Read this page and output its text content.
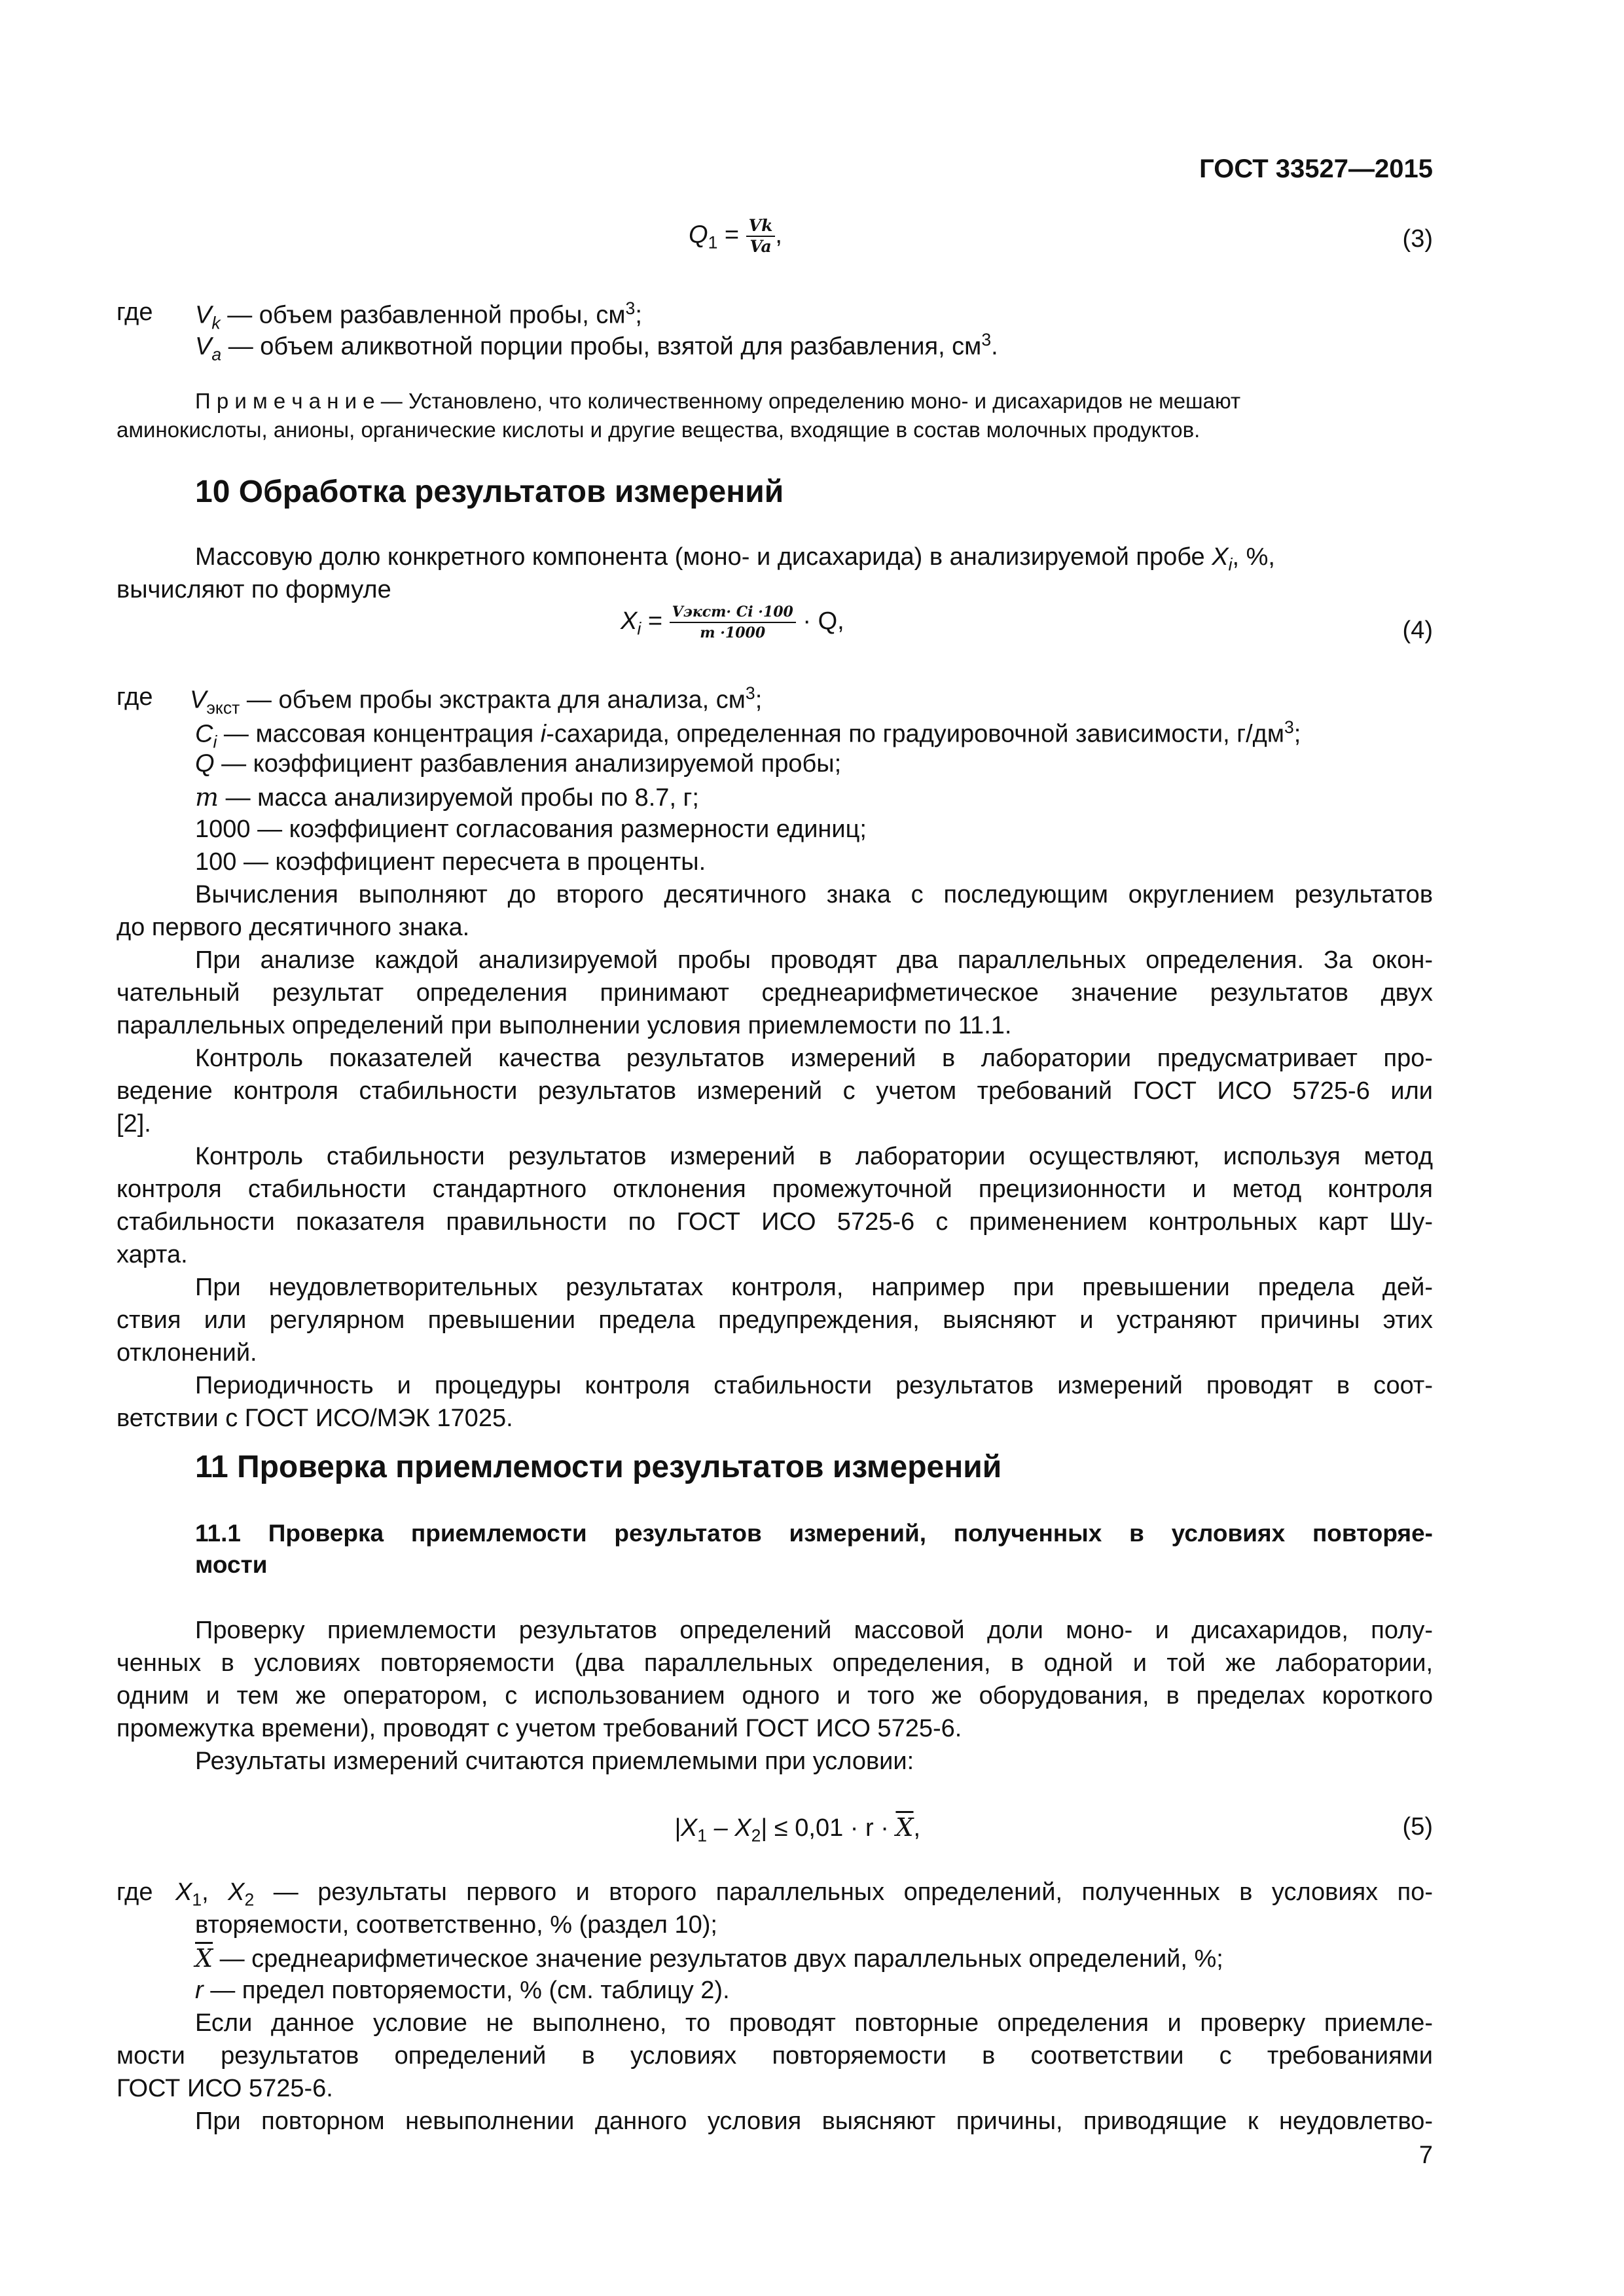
ГОСТ 33527—2015
$Q_1 = \frac{Vk}{Va}$ ,	(3)
где $V_k$ — объем разбавленной пробы, $см^3$;
$V_a$ — объем аликвотной порции пробы, взятой для разбавления, $см^3$.
П р и м е ч а н и е — Установлено, что количественному определению моно- и дисахаридов не мешают
аминокислоты, анионы, органические кислоты и другие вещества, входящие в состав молочных продуктов.
10 Обработка результатов измерений
Массовую долю конкретного компонента (моно- и дисахарида) в анализируемой пробе $X_i$, %,
вычисляют по формуле
$X_i = \frac{\text{Vэкст· Ci ·100}}{m \cdot 1000} \cdot Q$,	(4)
где $V_{экст}$ — объем пробы экстракта для анализа, $см^3$;
$C_i$ — массовая концентрация i-сахарида, определенная по градуировочной зависимости, $г/дм^3$;
Q — коэффициент разбавления анализируемой пробы;
m — масса анализируемой пробы по 8.7, г;
1000 — коэффициент согласования размерности единиц;
100 — коэффициент пересчета в проценты.
Вычисления выполняют до второго десятичного знака с последующим округлением результатов
до первого десятичного знака.
При анализе каждой анализируемой пробы проводят два параллельных определения. За окон-
чательный результат определения принимают среднеарифметическое значение результатов двух
параллельных определений при выполнении условия приемлемости по 11.1.
Контроль показателей качества результатов измерений в лаборатории предусматривает про-
ведение контроля стабильности результатов измерений с учетом требований ГОСТ ИСО 5725-6 или
[2].
Контроль стабильности результатов измерений в лаборатории осуществляют, используя метод
контроля стабильности стандартного отклонения промежуточной прецизионности и метод контроля
стабильности показателя правильности по ГОСТ ИСО 5725-6 с применением контрольных карт Шу-
харта.
При неудовлетворительных результатах контроля, например при превышении предела дей-
ствия или регулярном превышении предела предупреждения, выясняют и устраняют причины этих
отклонений.
Периодичность и процедуры контроля стабильности результатов измерений проводят в соот-
ветствии с ГОСТ ИСО/МЭК 17025.
11 Проверка приемлемости результатов измерений
11.1 Проверка приемлемости результатов измерений, полученных в условиях повторяе-
мости
Проверку приемлемости результатов определений массовой доли моно- и дисахаридов, полу-
ченных в условиях повторяемости (два параллельных определения, в одной и той же лаборатории,
одним и тем же оператором, с использованием одного и того же оборудования, в пределах короткого
промежутка времени), проводят с учетом требований ГОСТ ИСО 5725-6.
Результаты измерений считаются приемлемыми при условии:
$|X_1 - X_2| \le 0,01 \cdot r \cdot \overline{X}$,	(5)
где $X_1$, $X_2$ — результаты первого и второго параллельных определений, полученных в условиях по-
вторяемости, соответственно, % (раздел 10);
$\overline{X}$ — среднеарифметическое значение результатов двух параллельных определений, %;
r — предел повторяемости, % (см. таблицу 2).
Если данное условие не выполнено, то проводят повторные определения и проверку приемле-
мости результатов определений в условиях повторяемости в соответствии с требованиями
ГОСТ ИСО 5725-6.
При повторном невыполнении данного условия выясняют причины, приводящие к неудовлетво-
7
